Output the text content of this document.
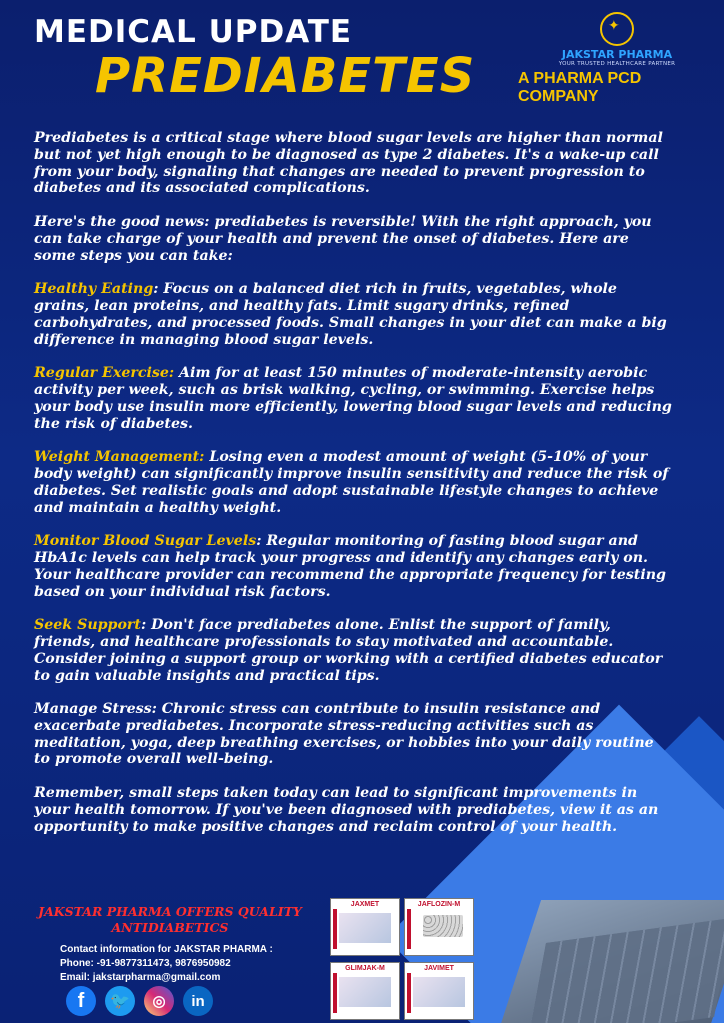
MEDICAL UPDATE
PREDIABETES
✦
JAKSTAR PHARMA
YOUR TRUSTED HEALTHCARE PARTNER
A PHARMA PCD COMPANY

Prediabetes is a critical stage where blood sugar levels are higher than normal but not yet high enough to be diagnosed as type 2 diabetes. It's a wake-up call from your body, signaling that changes are needed to prevent progression to diabetes and its associated complications.

Here's the good news: prediabetes is reversible! With the right approach, you can take charge of your health and prevent the onset of diabetes. Here are some steps you can take:

Healthy Eating: Focus on a balanced diet rich in fruits, vegetables, whole grains, lean proteins, and healthy fats. Limit sugary drinks, refined carbohydrates, and processed foods. Small changes in your diet can make a big difference in managing blood sugar levels.

Regular Exercise: Aim for at least 150 minutes of moderate-intensity aerobic activity per week, such as brisk walking, cycling, or swimming. Exercise helps your body use insulin more efficiently, lowering blood sugar levels and reducing the risk of diabetes.

Weight Management: Losing even a modest amount of weight (5-10% of your body weight) can significantly improve insulin sensitivity and reduce the risk of diabetes. Set realistic goals and adopt sustainable lifestyle changes to achieve and maintain a healthy weight.

Monitor Blood Sugar Levels: Regular monitoring of fasting blood sugar and HbA1c levels can help track your progress and identify any changes early on. Your healthcare provider can recommend the appropriate frequency for testing based on your individual risk factors.

Seek Support: Don't face prediabetes alone. Enlist the support of family, friends, and healthcare professionals to stay motivated and accountable. Consider joining a support group or working with a certified diabetes educator to gain valuable insights and practical tips.

Manage Stress: Chronic stress can contribute to insulin resistance and exacerbate prediabetes. Incorporate stress-reducing activities such as meditation, yoga, deep breathing exercises, or hobbies into your daily routine to promote overall well-being.

Remember, small steps taken today can lead to significant improvements in your health tomorrow. If you've been diagnosed with prediabetes, view it as an opportunity to make positive changes and reclaim control of your health.

JAKSTAR PHARMA OFFERS QUALITY
ANTIDIABETICS
Contact information for JAKSTAR PHARMA :
Phone: -91-9877311473, 9876950982
Email: jakstarpharma@gmail.com
f	🐦	◎	in
JAXMET	JAFLOZIN-M
GLIMJAK-M	JAVIMET
